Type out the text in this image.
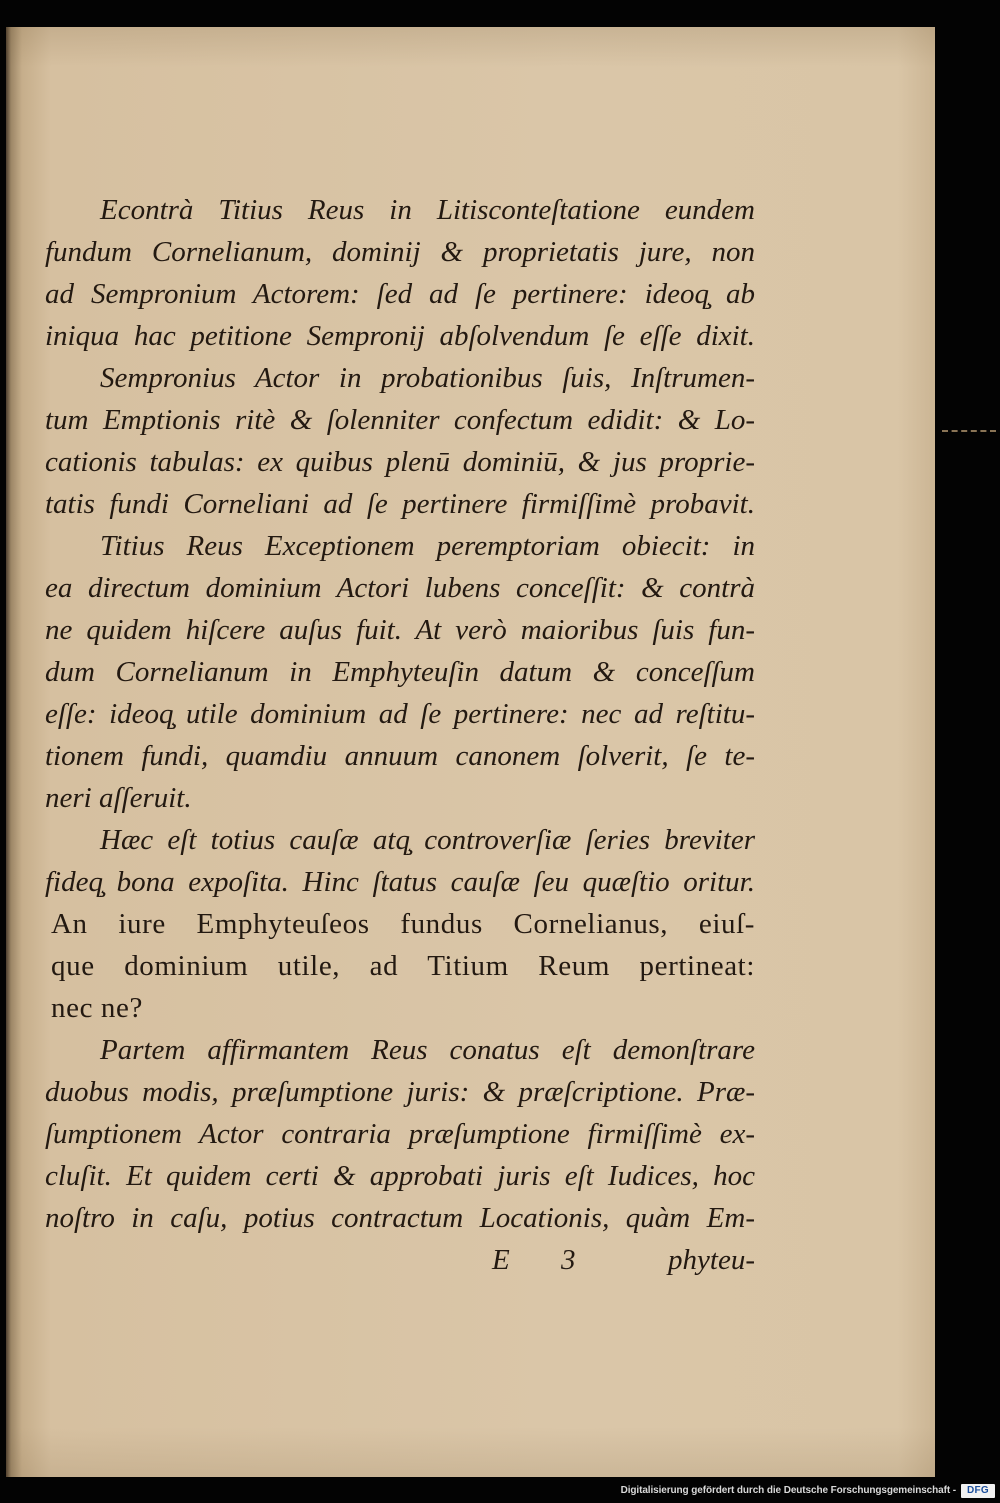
Econtrà Titius Reus in Litisconteſtatione eundem
fundum Cornelianum, dominij & proprietatis jure, non
ad Sempronium Actorem: ſed ad ſe pertinere: ideoq̧ ab
iniqua hac petitione Sempronij abſolvendum ſe eſſe dixit.
Sempronius Actor in probationibus ſuis, Inſtrumen-
tum Emptionis ritè & ſolenniter confectum edidit: & Lo-
cationis tabulas: ex quibus plenū dominiū, & jus proprie-
tatis fundi Corneliani ad ſe pertinere firmiſſimè probavit.
Titius Reus Exceptionem peremptoriam obiecit: in
ea directum dominium Actori lubens conceſſit: & contrà
ne quidem hiſcere auſus fuit. At verò maioribus ſuis fun-
dum Cornelianum in Emphyteuſin datum & conceſſum
eſſe: ideoq̧ utile dominium ad ſe pertinere: nec ad reſtitu-
tionem fundi, quamdiu annuum canonem ſolverit, ſe te-
neri aſſeruit.
Hæc eſt totius cauſæ atq̧ controverſiæ ſeries breviter
fideq̧ bona expoſita. Hinc ſtatus cauſæ ſeu quæſtio oritur.
An iure Emphyteuſeos fundus Cornelianus, eiuſ-
que dominium utile, ad Titium Reum pertineat:
nec ne?
Partem affirmantem Reus conatus eſt demonſtrare
duobus modis, præſumptione juris: & præſcriptione. Præ-
ſumptionem Actor contraria præſumptione firmiſſimè ex-
cluſit. Et quidem certi & approbati juris eſt Iudices, hoc
noſtro in caſu, potius contractum Locationis, quàm Em-
E 3	phyteu-
Digitalisierung gefördert durch die Deutsche Forschungsgemeinschaft -	DFG
